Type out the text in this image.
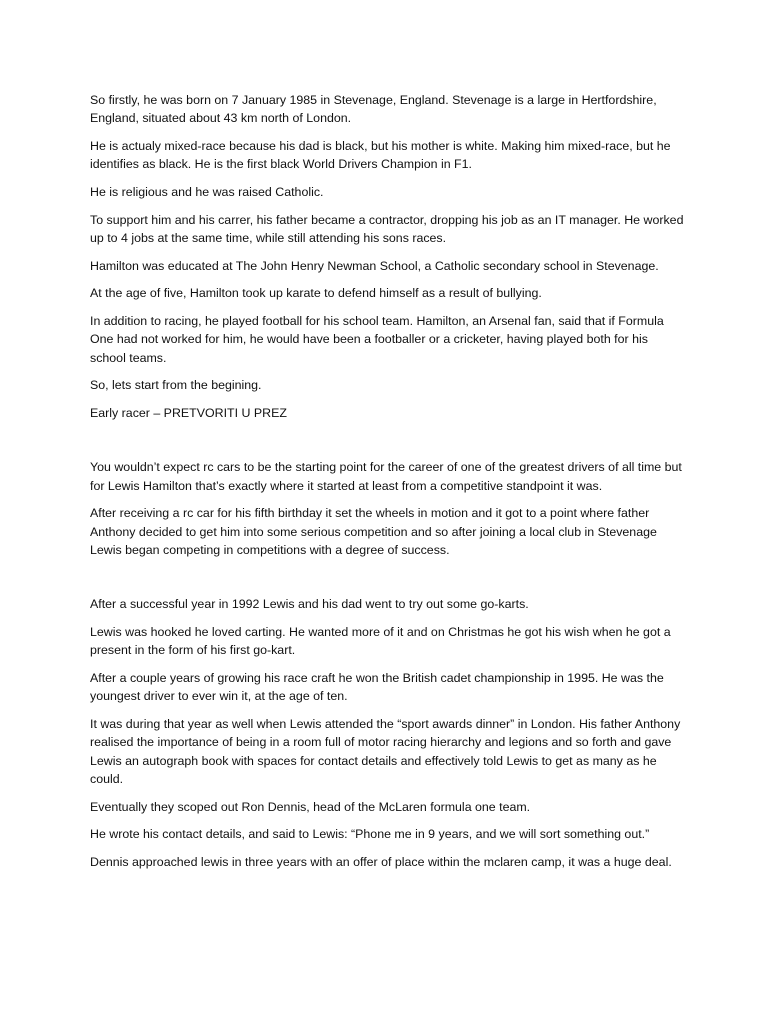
So firstly, he was born on 7 January 1985 in Stevenage, England. Stevenage is a large in Hertfordshire, England, situated about 43 km north of London.

He is actualy mixed-race because his dad is black, but his mother is white. Making him mixed-race, but he identifies as black. He is the first black World Drivers Champion in F1.

He is religious and he was raised Catholic.

To support him and his carrer, his father became a contractor, dropping his job as an IT manager. He worked up to 4 jobs at the same time, while still attending his sons races.

Hamilton was educated at The John Henry Newman School, a Catholic secondary school in Stevenage.

At the age of five, Hamilton took up karate to defend himself as a result of bullying.

In addition to racing, he played football for his school team. Hamilton, an Arsenal fan, said that if Formula One had not worked for him, he would have been a footballer or a cricketer, having played both for his school teams.

So, lets start from the begining.

Early racer – PRETVORITI U PREZ

You wouldn’t expect rc cars to be the starting point for the career of one of the greatest drivers of all time but for Lewis Hamilton that’s exactly where it started at least from a competitive standpoint it was.

After receiving a rc car for his fifth birthday it set the wheels in motion and it got to a point where father Anthony decided to get him into some serious competition and so after joining a local club in Stevenage Lewis began competing in competitions with a degree of success.

After a successful year in 1992 Lewis and his dad went to try out some go-karts.

Lewis was hooked he loved carting. He wanted more of it and on Christmas he got his wish when he got a present in the form of his first go-kart.

After a couple years of growing his race craft he won the British cadet championship in 1995. He was the youngest driver to ever win it, at the age of ten.

It was during that year as well when Lewis attended the “sport awards dinner” in London. His father Anthony realised the importance of being in a room full of motor racing hierarchy and legions and so forth and gave Lewis an autograph book with spaces for contact details and effectively told Lewis to get as many as he could.

Eventually they scoped out Ron Dennis, head of the McLaren formula one team.

He wrote his contact details, and said to Lewis: “Phone me in 9 years, and we will sort something out.”

Dennis approached lewis in three years with an offer of place within the mclaren camp, it was a huge deal.
